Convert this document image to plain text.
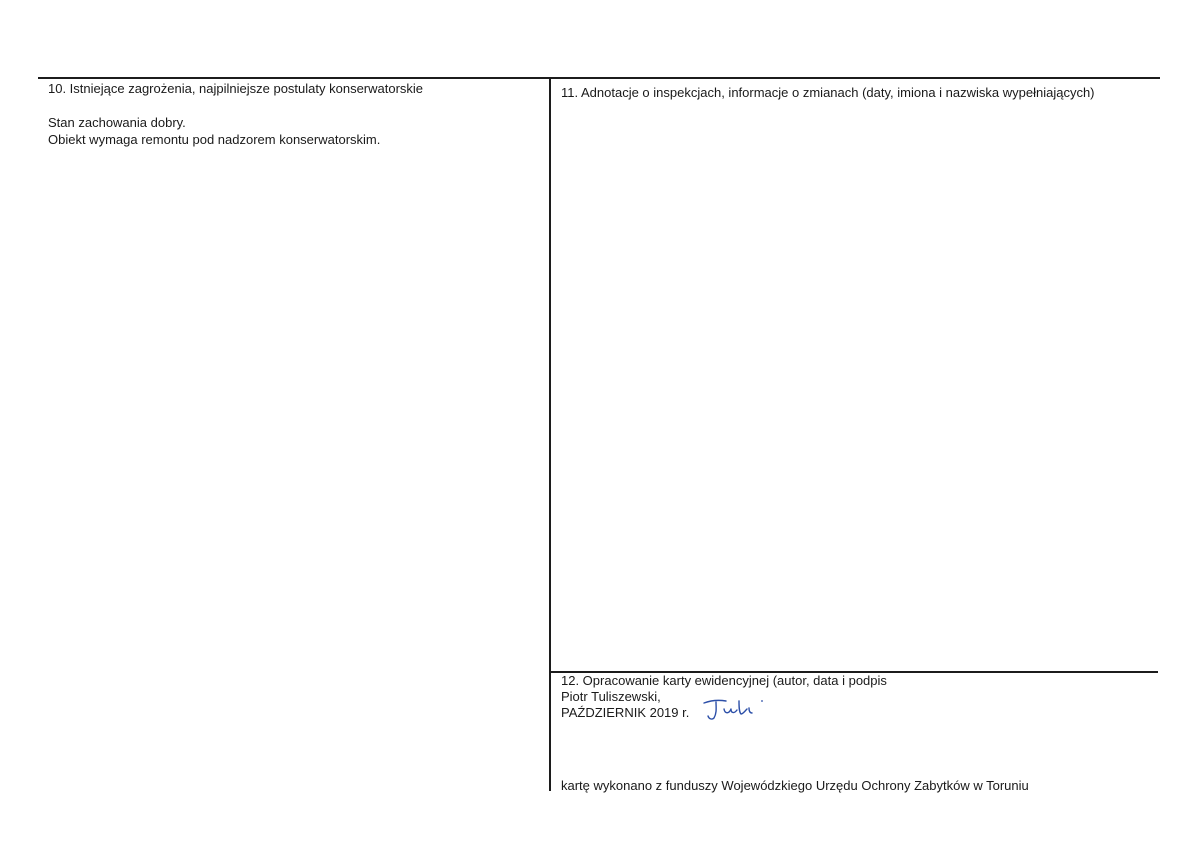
10. Istniejące zagrożenia, najpilniejsze postulaty konserwatorskie
Stan zachowania dobry.
Obiekt wymaga remontu pod nadzorem konserwatorskim.
11. Adnotacje o inspekcjach, informacje o zmianach (daty, imiona i nazwiska wypełniających)
12. Opracowanie karty ewidencyjnej (autor, data i podpis
Piotr Tuliszewski,
PAŹDZIERNIK 2019 r.
kartę wykonano z funduszy Wojewódzkiego Urzędu Ochrony Zabytków w Toruniu
